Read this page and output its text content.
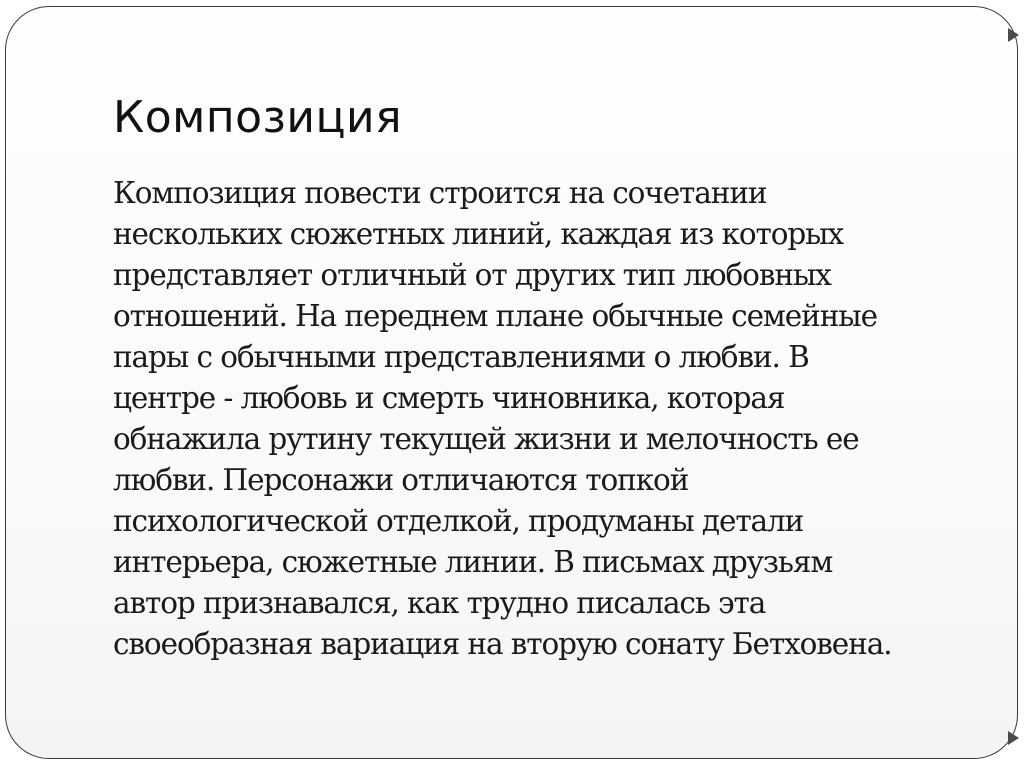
Композиция

Композиция повести строится на сочетании
нескольких сюжетных линий, каждая из которых
представляет отличный от других тип любовных
отношений. На переднем плане обычные семейные
пары с обычными представлениями о любви. В
центре - любовь и смерть чиновника, которая
обнажила рутину текущей жизни и мелочность ее
любви. Персонажи отличаются топкой
психологической отделкой, продуманы детали
интерьера, сюжетные линии. В письмах друзьям
автор признавался, как трудно писалась эта
своеобразная вариация на вторую сонату Бетховена.
